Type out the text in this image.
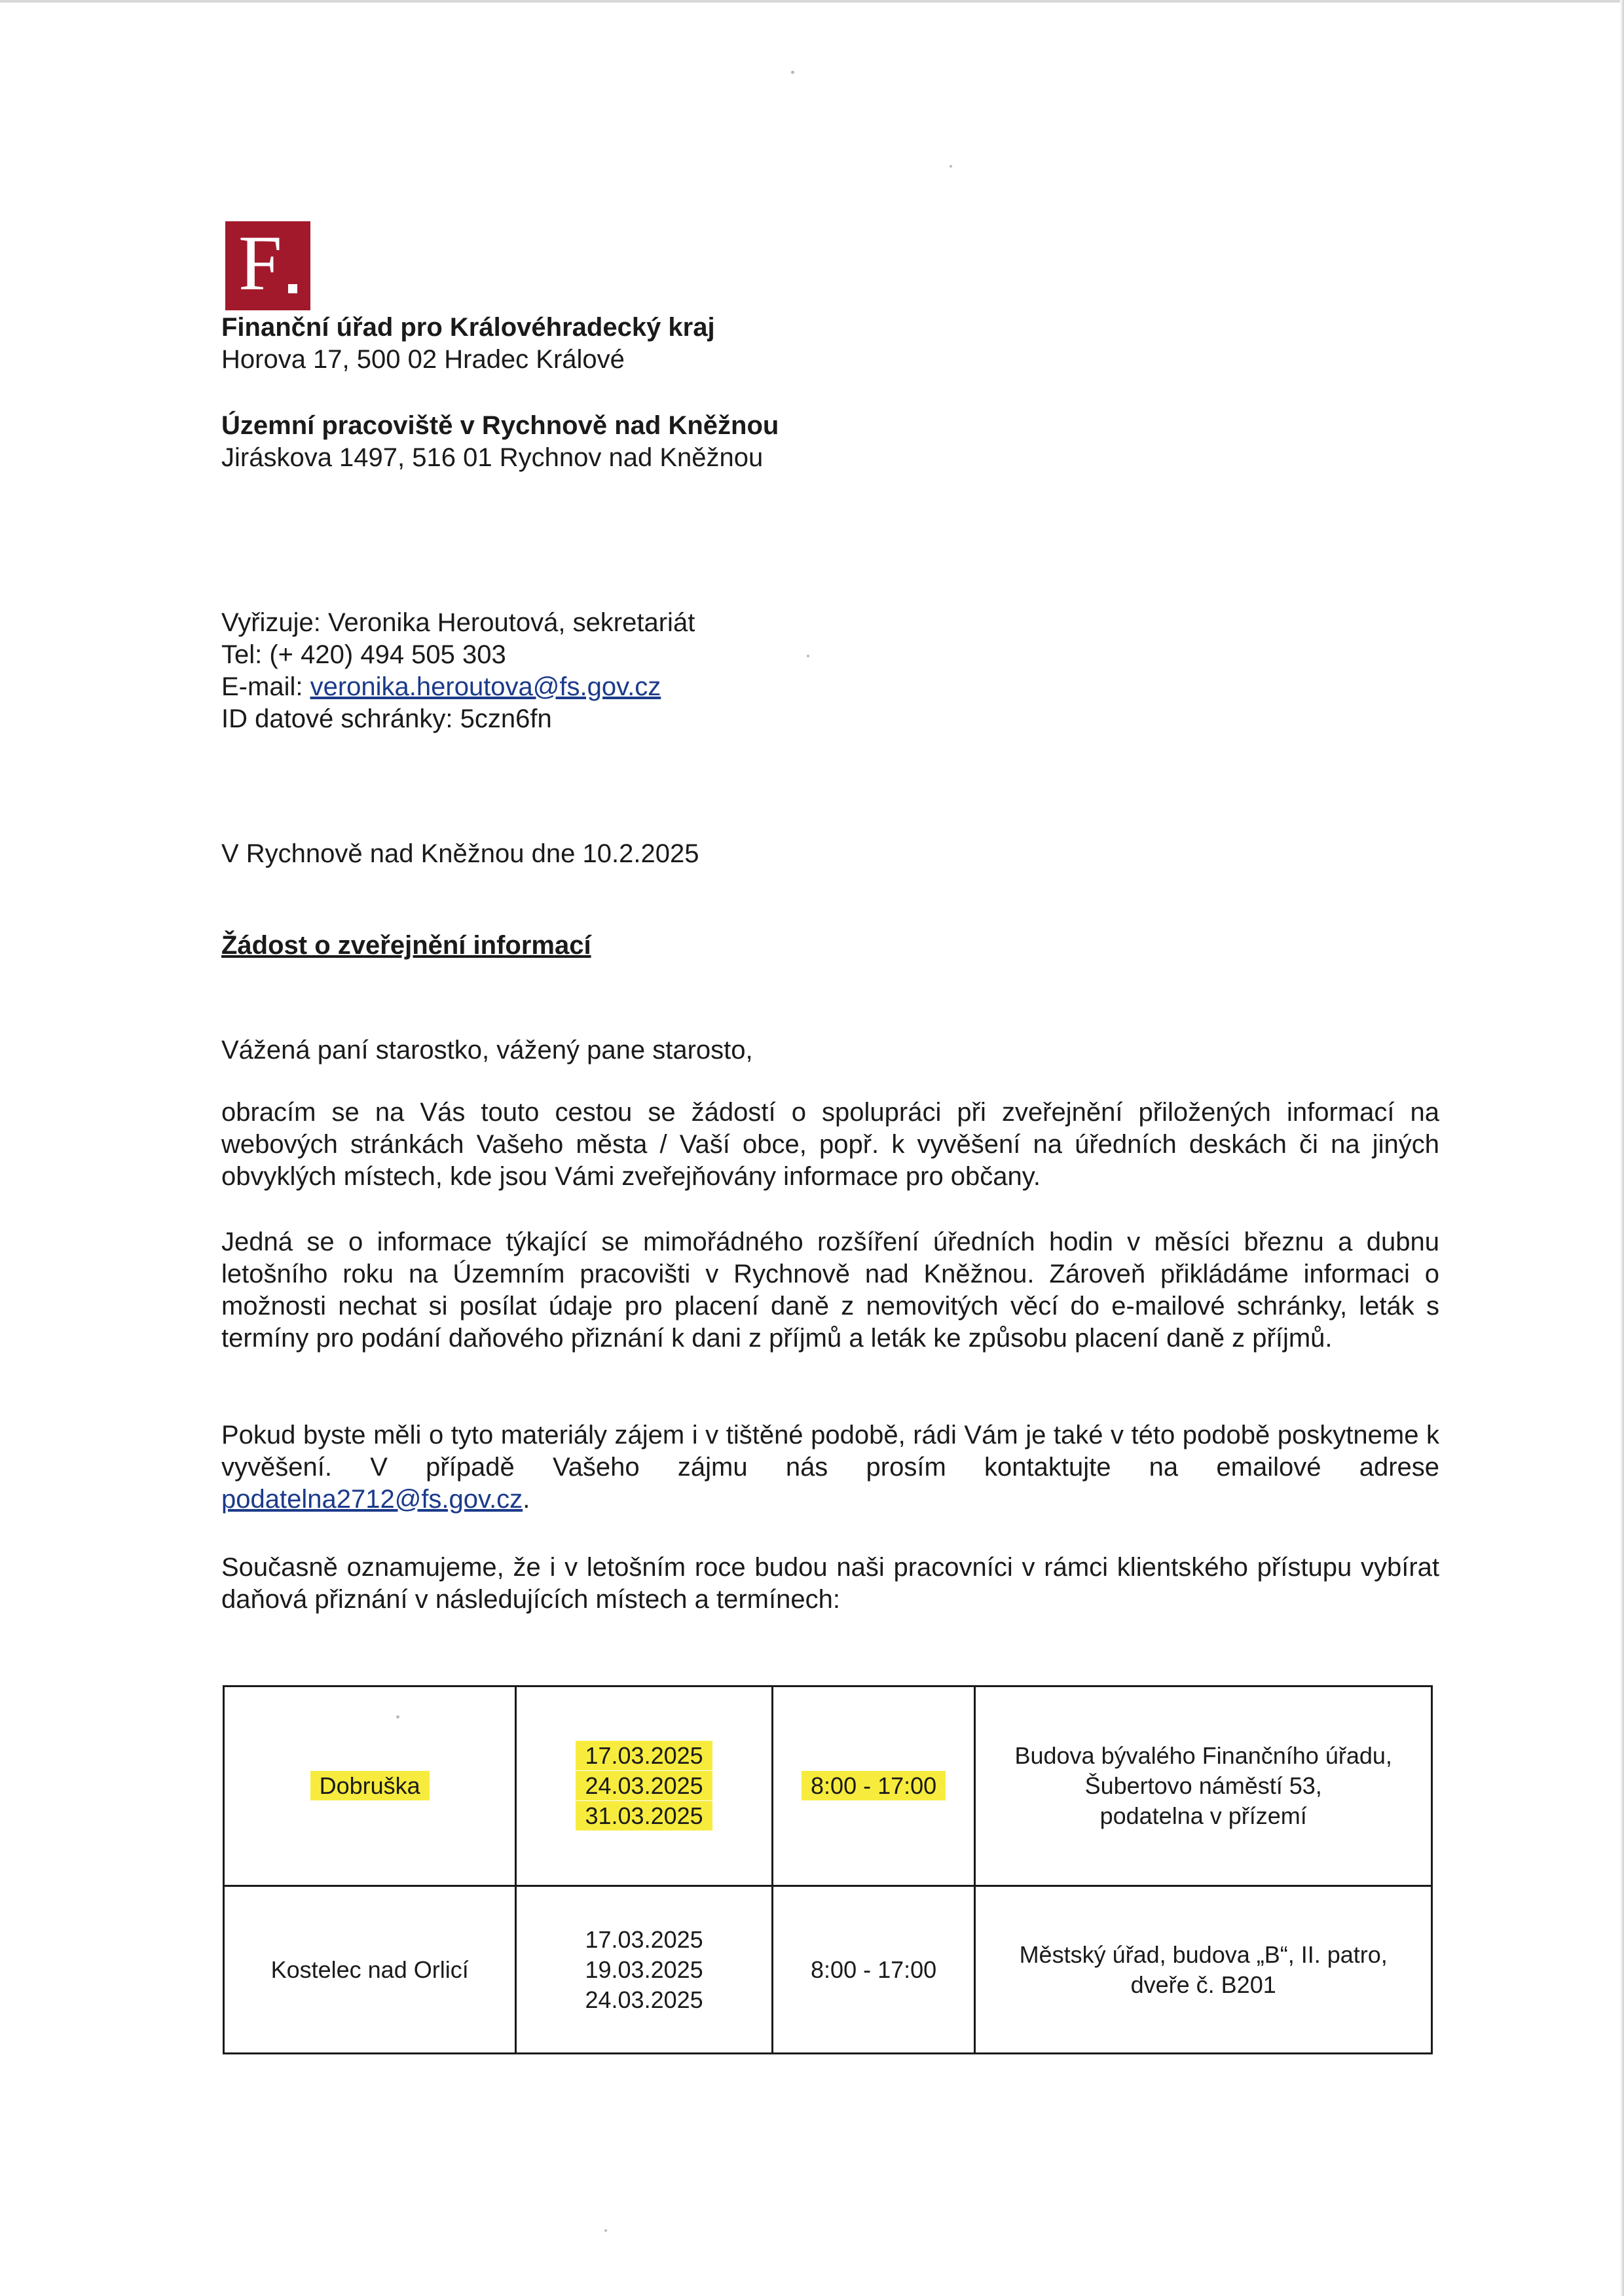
F
Finanční úřad pro Královéhradecký kraj
Horova 17, 500 02 Hradec Králové
Územní pracoviště v Rychnově nad Kněžnou
Jiráskova 1497, 516 01 Rychnov nad Kněžnou
Vyřizuje: Veronika Heroutová, sekretariát
Tel: (+ 420) 494 505 303
E-mail: veronika.heroutova@fs.gov.cz
ID datové schránky: 5czn6fn
V Rychnově nad Kněžnou dne 10.2.2025
Žádost o zveřejnění informací
Vážená paní starostko, vážený pane starosto,
obracím se na Vás touto cestou se žádostí o spolupráci při zveřejnění přiložených informací na webových stránkách Vašeho města / Vaší obce, popř. k vyvěšení na úředních deskách či na jiných obvyklých místech, kde jsou Vámi zveřejňovány informace pro občany.
Jedná se o informace týkající se mimořádného rozšíření úředních hodin v měsíci březnu a dubnu letošního roku na Územním pracovišti v Rychnově nad Kněžnou. Zároveň přikládáme informaci o možnosti nechat si posílat údaje pro placení daně z nemovitých věcí do e-mailové schránky, leták s termíny pro podání daňového přiznání k dani z příjmů a leták ke způsobu placení daně z příjmů.
Pokud byste měli o tyto materiály zájem i v tištěné podobě, rádi Vám je také v této podobě poskytneme k vyvěšení. V případě Vašeho zájmu nás prosím kontaktujte na emailové adrese podatelna2712@fs.gov.cz.
Současně oznamujeme, že i v letošním roce budou naši pracovníci v rámci klientského přístupu vybírat daňová přiznání v následujících místech a termínech:
Dobruška	17.03.2025
24.03.2025
31.03.2025	8:00 - 17:00	Budova bývalého Finančního úřadu,
Šubertovo náměstí 53,
podatelna v přízemí

Kostelec nad Orlicí	17.03.2025
19.03.2025
24.03.2025	8:00 - 17:00	Městský úřad, budova „B“, II. patro,
dveře č. B201
